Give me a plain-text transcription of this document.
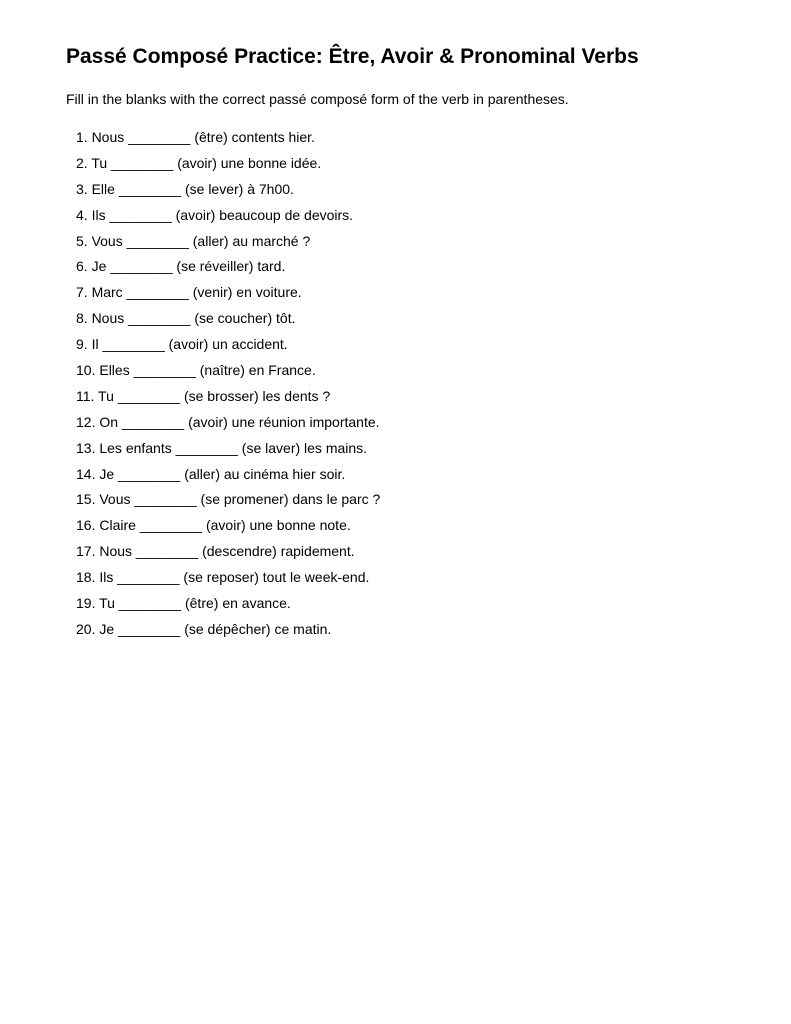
Passé Composé Practice: Être, Avoir & Pronominal Verbs
Fill in the blanks with the correct passé composé form of the verb in parentheses.
1. Nous ________ (être) contents hier.
2. Tu ________ (avoir) une bonne idée.
3. Elle ________ (se lever) à 7h00.
4. Ils ________ (avoir) beaucoup de devoirs.
5. Vous ________ (aller) au marché ?
6. Je ________ (se réveiller) tard.
7. Marc ________ (venir) en voiture.
8. Nous ________ (se coucher) tôt.
9. Il ________ (avoir) un accident.
10. Elles ________ (naître) en France.
11. Tu ________ (se brosser) les dents ?
12. On ________ (avoir) une réunion importante.
13. Les enfants ________ (se laver) les mains.
14. Je ________ (aller) au cinéma hier soir.
15. Vous ________ (se promener) dans le parc ?
16. Claire ________ (avoir) une bonne note.
17. Nous ________ (descendre) rapidement.
18. Ils ________ (se reposer) tout le week-end.
19. Tu ________ (être) en avance.
20. Je ________ (se dépêcher) ce matin.
